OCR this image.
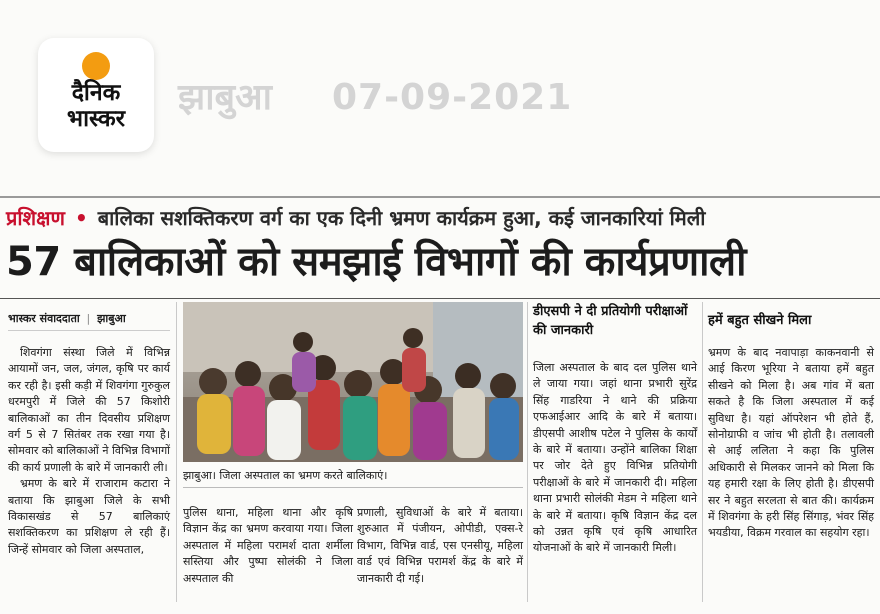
दैनिक
भास्कर
झाबुआ 07-09-2021
प्रशिक्षण • बालिका सशक्तिकरण वर्ग का एक दिनी भ्रमण कार्यक्रम हुआ, कई जानकारियां मिली
57 बालिकाओं को समझाई विभागों की कार्यप्रणाली
भास्कर संवाददाता | झाबुआ

शिवगंगा संस्था जिले में विभिन्न आयामों जन, जल, जंगल, कृषि पर कार्य कर रही है। इसी कड़ी में शिवगंगा गुरुकुल धरमपुरी में जिले की 57 किशोरी बालिकाओं का तीन दिवसीय प्रशिक्षण वर्ग 5 से 7 सितंबर तक रखा गया है। सोमवार को बालिकाओं ने विभिन्न विभागों की कार्य प्रणाली के बारे में जानकारी ली।

भ्रमण के बारे में राजाराम कटारा ने बताया कि झाबुआ जिले के सभी विकासखंड से 57 बालिकाएं सशक्तिकरण का प्रशिक्षण ले रही हैं। जिन्हें सोमवार को जिला अस्पताल,

झाबुआ। जिला अस्पताल का भ्रमण करते बालिकाएं।

पुलिस थाना, महिला थाना और कृषि विज्ञान केंद्र का भ्रमण करवाया गया। जिला अस्पताल में महिला परामर्श दाता शर्मीला सस्तिया और पुष्पा सोलंकी ने जिला अस्पताल की

प्रणाली, सुविधाओं के बारे में बताया। शुरुआत में पंजीयन, ओपीडी, एक्स-रे विभाग, विभिन्न वार्ड, एस एनसीयू, महिला वार्ड एवं विभिन्न परामर्श केंद्र के बारे में जानकारी दी गई।

डीएसपी ने दी प्रतियोगी परीक्षाओं की जानकारी

जिला अस्पताल के बाद दल पुलिस थाने ले जाया गया। जहां थाना प्रभारी सुरेंद्र सिंह गाडरिया ने थाने की प्रक्रिया एफआईआर आदि के बारे में बताया। डीएसपी आशीष पटेल ने पुलिस के कार्यों के बारे में बताया। उन्होंने बालिका शिक्षा पर जोर देते हुए विभिन्न प्रतियोगी परीक्षाओं के बारे में जानकारी दी। महिला थाना प्रभारी सोलंकी मेडम ने महिला थाने के बारे में बताया। कृषि विज्ञान केंद्र दल को उन्नत कृषि एवं कृषि आधारित योजनाओं के बारे में जानकारी मिली।

हमें बहुत सीखने मिला

भ्रमण के बाद नवापाड़ा काकनवानी से आई किरण भूरिया ने बताया हमें बहुत सीखने को मिला है। अब गांव में बता सकते है कि जिला अस्पताल में कई सुविधा है। यहां ऑपरेशन भी होते हैं, सोनोग्राफी व जांच भी होती है। तलावली से आई ललिता ने कहा कि पुलिस अधिकारी से मिलकर जानने को मिला कि यह हमारी रक्षा के लिए होती है। डीएसपी सर ने बहुत सरलता से बात की। कार्यक्रम में शिवगंगा के हरी सिंह सिंगाड़, भंवर सिंह भयडीया, विक्रम गरवाल का सहयोग रहा।
